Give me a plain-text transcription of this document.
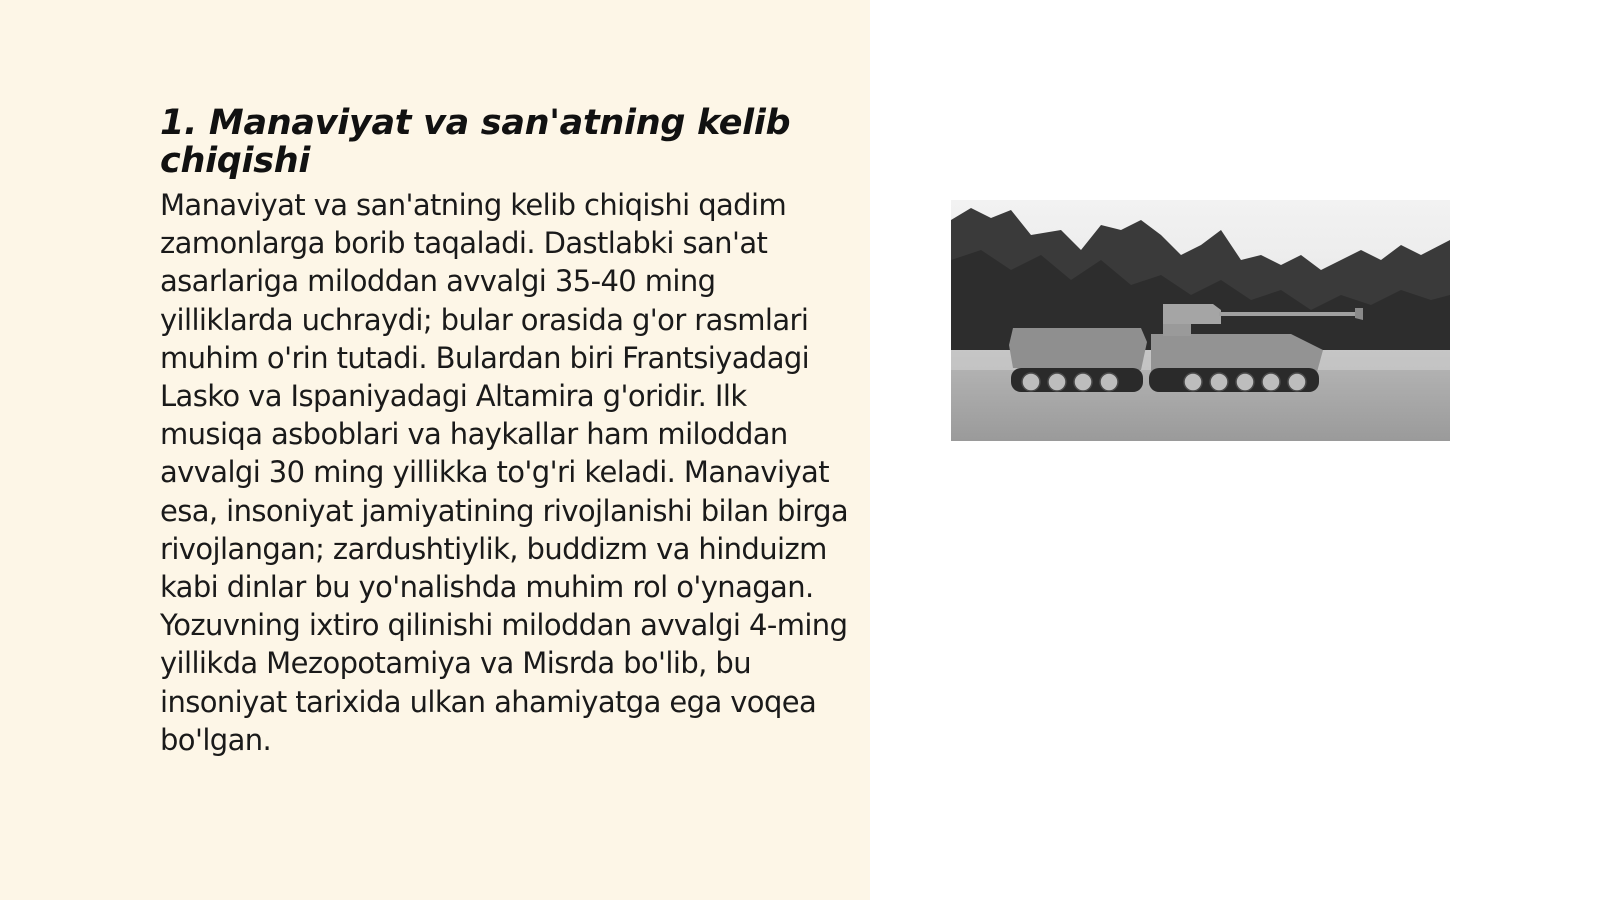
1. Manaviyat va san'atning kelib chiqishi

Manaviyat va san'atning kelib chiqishi qadim zamonlarga borib taqaladi. Dastlabki san'at asarlariga miloddan avvalgi 35-40 ming yilliklarda uchraydi; bular orasida g'or rasmlari muhim o'rin tutadi. Bulardan biri Frantsiyadagi Lasko va Ispaniyadagi Altamira g'oridir. Ilk musiqa asboblari va haykallar ham miloddan avvalgi 30 ming yillikka to'g'ri keladi. Manaviyat esa, insoniyat jamiyatining rivojlanishi bilan birga rivojlangan; zardushtiylik, buddizm va hinduizm kabi dinlar bu yo'nalishda muhim rol o'ynagan. Yozuvning ixtiro qilinishi miloddan avvalgi 4-ming yillikda Mezopotamiya va Misrda bo'lib, bu insoniyat tarixida ulkan ahamiyatga ega voqea bo'lgan.
